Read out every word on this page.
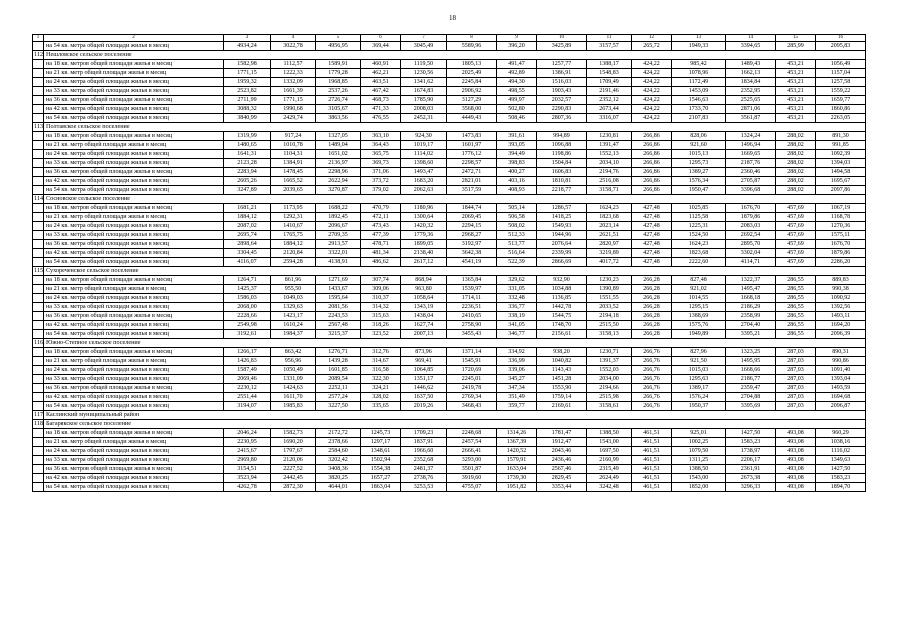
18
1	2	3	4	5	6	7	8	9	10	11	12	13	14	15	16
	на 54 кв. метра общей площади жилья в месяц	4934,24	3022,78	4956,95	369,44	3045,49	5589,96	396,20	3425,89	3157,57	265,72	1949,33	3394,65	285,99	2095,83
112.	Нешловское сельское поселение														
	на 18 кв. метров общей площади жилья в месяц	1582,98	1112,57	1589,91	460,91	1119,50	1805,13	491,47	1257,77	1388,17	424,22	985,42	1489,43	453,21	1056,49
	на 21 кв. метр общей площади жилья в месяц	1771,15	1222,33	1779,28	462,21	1230,56	2025,49	492,89	1386,91	1548,83	424,22	1078,96	1662,13	453,21	1157,04
	на 24 кв. метра общей площади жилья в месяц	1959,32	1332,09	1968,85	463,51	1341,62	2245,84	494,30	1516,03	1709,49	424,22	1172,49	1834,84	453,21	1257,58
	на 33 кв. метра общей площади жилья в месяц	2523,82	1661,39	2537,26	467,42	1674,83	2906,92	498,55	1903,43	2191,46	424,22	1453,09	2352,95	453,21	1559,22
	на 36 кв. метров общей площади жилья в месяц	2711,99	1771,15	2726,74	468,73	1785,90	3127,29	499,97	2032,57	2352,12	424,22	1546,63	2525,65	453,21	1659,77
	на 42 кв. метра общей площади жилья в месяц	3088,32	1990,68	3105,67	471,33	2008,03	3568,00	502,80	2290,83	2673,44	424,22	1733,70	2871,06	453,21	1860,86
	на 54 кв. метра общей площади жилья в месяц	3840,99	2429,74	3863,56	476,55	2452,31	4449,43	508,46	2807,36	3316,07	424,22	2107,83	3561,87	453,21	2263,05
113.	Полтавское сельское поселение														
	на 18 кв. метров общей площади жилья в месяц	1319,99	917,24	1327,05	363,10	924,30	1473,83	391,61	994,89	1230,81	266,86	828,06	1324,24	288,02	891,30
	на 21 кв. метр общей площади жилья в месяц	1480,65	1010,78	1489,04	364,43	1019,17	1601,97	393,05	1096,88	1391,47	266,86	921,60	1496,94	288,02	991,85
	на 24 кв. метра общей площади жилья в месяц	1641,31	1104,31	1651,02	365,75	1114,02	1776,12	394,49	1198,86	1552,13	266,86	1015,13	1669,65	288,02	1092,39
	на 33 кв. метра общей площади жилья в месяц	2123,28	1384,91	2136,97	369,73	1398,60	2298,57	398,83	1504,84	2034,10	266,86	1295,73	2187,76	288,02	1394,03
	на 36 кв. метров общей площади жилья в месяц	2283,94	1478,45	2298,96	371,06	1493,47	2472,71	400,27	1606,83	2194,76	266,86	1389,27	2360,46	288,02	1494,58
	на 42 кв. метра общей площади жилья в месяц	2605,26	1665,52	2622,94	373,72	1683,20	2821,01	403,16	1810,81	2516,08	266,86	1576,34	2705,87	288,02	1695,67
	на 54 кв. метра общей площади жилья в месяц	3247,89	2039,65	3270,87	379,02	2062,63	3517,59	408,93	2218,77	3158,71	266,86	1950,47	3396,68	288,02	2097,86
114.	Сосновское сельское поселение														
	на 18 кв. метров общей площади жилья в месяц	1681,21	1173,95	1688,22	470,79	1180,96	1844,74	505,14	1286,57	1624,23	427,48	1025,85	1676,70	457,69	1067,19
	на 21 кв. метр общей площади жилья в месяц	1884,12	1292,31	1892,45	472,11	1300,64	2069,45	506,58	1418,25	1823,68	427,48	1125,58	1879,86	457,69	1168,78
	на 24 кв. метра общей площади жилья в месяц	2087,02	1410,67	2096,67	473,43	1420,32	2294,15	508,02	1549,93	2023,14	427,48	1225,31	2083,03	457,69	1270,36
	на 33 кв. метра общей площади жилья в месяц	2695,74	1765,75	2709,35	477,39	1779,36	2968,27	512,33	1944,96	2621,51	427,48	1524,50	2692,54	457,69	1575,11
	на 36 кв. метра общей площади жилья в месяц	2898,64	1884,12	2913,57	478,71	1899,05	3192,97	513,77	2076,64	2820,97	427,48	1624,23	2895,70	457,69	1676,70
	на 42 кв. метра общей площади жилья в месяц	3304,45	2120,84	3322,01	481,34	2138,40	3642,38	516,64	2339,99	3219,89	427,48	1823,68	3302,04	457,69	1879,86
	на 54 кв. метра общей площади жилья в месяц	4116,07	2594,28	4138,91	486,62	2617,12	4541,19	522,39	2866,69	4017,72	427,48	2222,60	4114,71	457,69	2286,20
115.	Сухореченское сельское поселение														
	на 18 кв. метров общей площади жилья в месяц	1264,71	861,96	1271,69	307,74	868,94	1365,84	329,62	932,90	1230,23	266,28	827,48	1322,37	286,55	889,83
	на 21 кв. метр общей площади жилья в месяц	1425,37	955,50	1433,67	309,06	963,80	1539,97	331,05	1034,88	1390,89	266,28	921,02	1495,47	286,55	990,38
	на 24 кв. метра общей площади жилья в месяц	1586,03	1049,03	1595,64	310,37	1058,64	1714,11	332,48	1136,85	1551,55	266,28	1014,55	1668,18	286,55	1090,92
	на 33 кв. метра общей площади жилья в месяц	2068,00	1329,63	2081,56	314,32	1343,19	2236,51	336,77	1442,78	2033,52	266,28	1295,15	2186,29	286,55	1392,56
	на 36 кв. метров общей площади жилья в месяц	2228,66	1423,17	2243,53	315,63	1438,04	2410,65	338,19	1544,75	2194,18	266,28	1388,69	2358,99	286,55	1493,11
	на 42 кв. метра общей площади жилья в месяц	2549,98	1610,24	2567,48	318,26	1627,74	2758,90	341,05	1748,70	2515,50	266,28	1575,76	2704,40	286,55	1694,20
	на 54 кв. метра общей площади жилья в месяц	3192,61	1984,37	3215,37	323,52	2007,13	3455,43	346,77	2156,61	3158,13	266,28	1949,89	3395,21	286,55	2096,39
116.	Южно-Степное сельское поселение														
	на 18 кв. метров общей площади жилья в месяц	1266,17	863,42	1276,71	312,76	873,96	1371,14	334,92	938,20	1230,71	266,76	827,96	1323,25	287,03	890,31
	на 21 кв. метр общей площади жилья в месяц	1426,83	956,96	1439,28	314,67	969,41	1545,91	336,99	1040,82	1391,37	266,76	921,50	1495,95	287,03	990,86
	на 24 кв. метра общей площади жилья в месяц	1587,49	1050,49	1601,85	316,58	1064,85	1720,69	339,06	1143,43	1552,03	266,76	1015,03	1668,66	287,03	1091,40
	на 33 кв. метра общей площади жилья в месяц	2069,46	1331,09	2089,54	322,30	1351,17	2245,01	345,27	1451,28	2034,00	266,76	1295,63	2186,77	287,03	1393,04
	на 36 кв. метров общей площади жилья в месяц	2230,12	1424,63	2252,11	324,21	1446,62	2419,78	347,34	1553,90	2194,66	266,76	1389,17	2359,47	287,03	1493,59
	на 42 кв. метра общей площади жилья в месяц	2551,44	1611,70	2577,24	328,02	1637,50	2769,34	351,49	1759,14	2515,98	266,76	1576,24	2704,88	287,03	1694,68
	на 54 кв. метра общей площади жилья в месяц	3194,07	1985,83	3227,50	335,65	2019,26	3468,43	359,77	2169,61	3158,61	266,76	1950,37	3395,69	287,03	2096,87
117.	Каслинский муниципальный район														
118.	Багарякское сельское поселение														
	на 18 кв. метров общей площади жилья в месяц	2046,24	1582,73	2172,72	1245,73	1709,23	2248,68	1314,26	1781,47	1388,50	461,51	925,01	1427,50	493,08	960,29
	на 21 кв. метр общей площади жилья в месяц	2230,95	1690,20	2378,66	1297,17	1837,91	2457,54	1367,39	1912,47	1543,00	461,51	1002,25	1583,23	493,08	1038,16
	на 24 кв. метра общей площади жилья в месяц	2415,67	1797,67	2584,60	1348,61	1966,60	2666,41	1420,52	2043,46	1697,50	461,51	1079,50	1738,97	493,08	1116,02
	на 33 кв. метра общей площади жилья в месяц	2969,80	2120,06	3202,42	1502,94	2352,68	3293,00	1579,91	2436,46	2160,99	461,51	1311,25	2206,17	493,08	1349,63
	на 36 кв. метров общей площади жилья в месяц	3154,51	2227,52	3408,36	1554,38	2481,37	3501,87	1633,04	2567,46	2315,49	461,51	1388,50	2361,91	493,08	1427,50
	на 42 кв. метра общей площади жилья в месяц	3523,94	2442,45	3820,25	1657,27	2738,76	3919,60	1739,30	2829,45	2624,49	461,51	1543,00	2673,38	493,08	1583,23
	на 54 кв. метра общей площади жилья в месяц	4262,78	2872,30	4644,01	1863,04	3253,53	4755,07	1951,82	3353,44	3242,48	461,51	1852,00	3296,33	493,08	1894,70
